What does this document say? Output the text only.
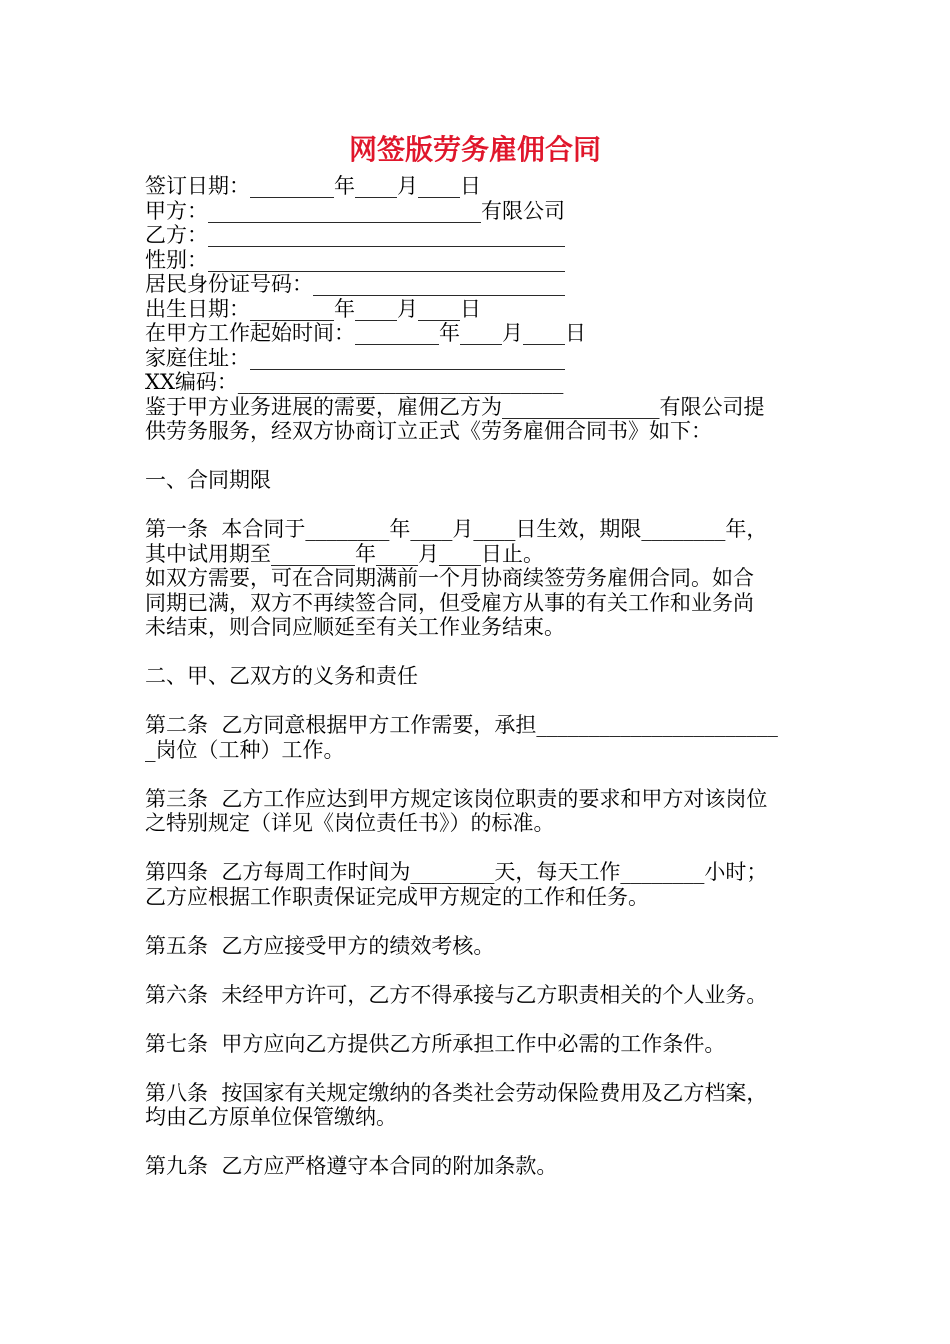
网签版劳务雇佣合同
签订日期：________年____月____日
甲方：__________________________有限公司
乙方：__________________________________
性别：__________________________________
居民身份证号码：________________________
出生日期：________年____月____日
在甲方工作起始时间：________年____月____日
家庭住址：______________________________
XX编码：_______________________________
鉴于甲方业务进展的需要，雇佣乙方为_______________有限公司提
供劳务服务，经双方协商订立正式《劳务雇佣合同书》如下：
一、合同期限
第一条  本合同于________年____月____日生效，期限________年，
其中试用期至________年____月____日止。
如双方需要，可在合同期满前一个月协商续签劳务雇佣合同。如合
同期已满，双方不再续签合同，但受雇方从事的有关工作和业务尚
未结束，则合同应顺延至有关工作业务结束。
二、甲、乙双方的义务和责任
第二条  乙方同意根据甲方工作需要，承担_______________________
_岗位（工种）工作。
第三条  乙方工作应达到甲方规定该岗位职责的要求和甲方对该岗位
之特别规定（详见《岗位责任书》）的标准。
第四条  乙方每周工作时间为________天，每天工作________小时；
乙方应根据工作职责保证完成甲方规定的工作和任务。
第五条  乙方应接受甲方的绩效考核。
第六条  未经甲方许可，乙方不得承接与乙方职责相关的个人业务。
第七条  甲方应向乙方提供乙方所承担工作中必需的工作条件。
第八条  按国家有关规定缴纳的各类社会劳动保险费用及乙方档案，
均由乙方原单位保管缴纳。
第九条  乙方应严格遵守本合同的附加条款。
